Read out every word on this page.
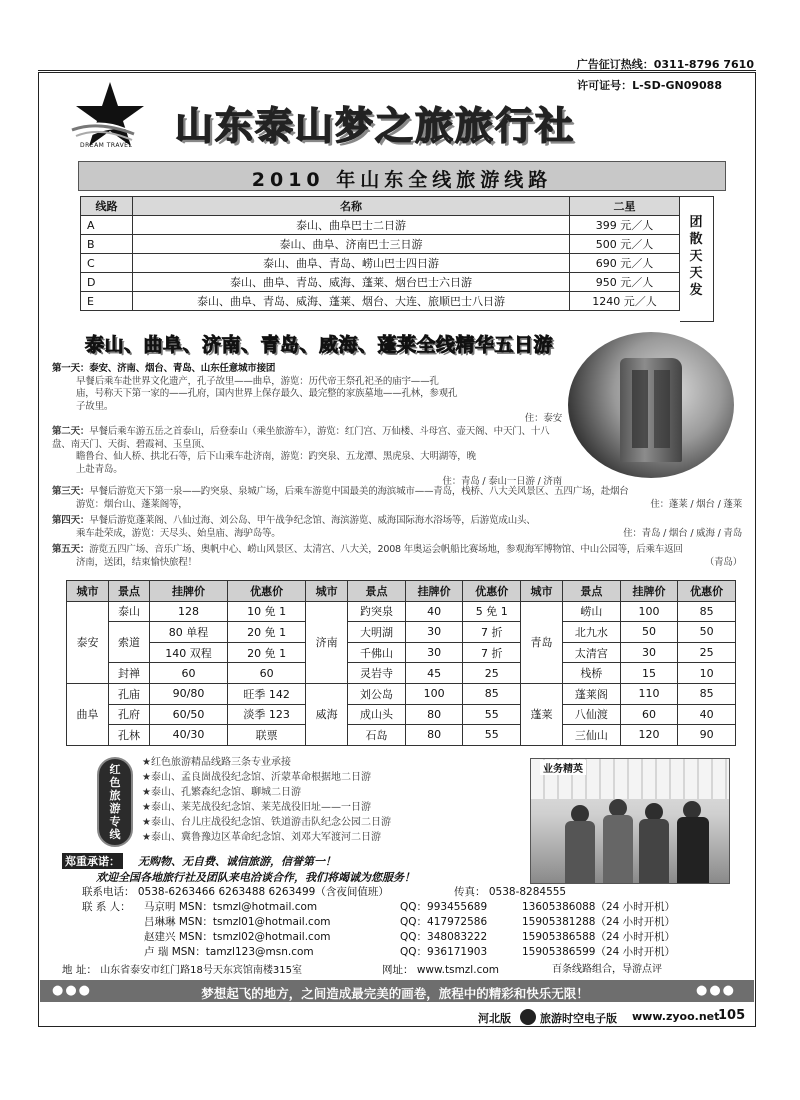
广告征订热线：0311-8796 7610
许可证号：L-SD-GN09088
DREAM TRAVEL 山东泰山梦之旅旅行社
2010 年山东全线旅游线路
线路	名称	二星
A	泰山、曲阜巴士二日游	399 元／人
B	泰山、曲阜、济南巴士三日游	500 元／人
C	泰山、曲阜、青岛、崂山巴士四日游	690 元／人
D	泰山、曲阜、青岛、威海、蓬莱、烟台巴士六日游	950 元／人
E	泰山、曲阜、青岛、威海、蓬莱、烟台、大连、旅顺巴士八日游	1240 元／人
团散天天发
泰山、曲阜、济南、青岛、威海、蓬莱全线精华五日游
第一天：泰安、济南、烟台、青岛、山东任意城市接团
早餐后乘车赴世界文化遗产，孔子故里——曲阜，游览：历代帝王祭孔祀圣的庙宇——孔
庙，号称天下第一家的——孔府，国内世界上保存最久、最完整的家族墓地——孔林，参观孔
子故里。
住：泰安
第二天：早餐后乘车游五岳之首泰山，后登泰山（乘坐旅游车），游览：红门宫、万仙楼、斗母宫、壶天阁、中天门、十八盘、南天门、天街、碧霞祠、玉皇顶、
瞻鲁台、仙人桥、拱北石等，后下山乘车赴济南，游览：趵突泉、五龙潭、黑虎泉、大明湖等，晚
上赴青岛。
住：青岛 / 泰山一日游 / 济南
第三天：早餐后游览天下第一泉——趵突泉、泉城广场，后乘车游览中国最美的海滨城市——青岛，栈桥、八大关风景区、五四广场，赴烟台
游览：烟台山、蓬莱阁等，	住：蓬莱 / 烟台 / 蓬莱
第四天：早餐后游览蓬莱阁、八仙过海、刘公岛、甲午战争纪念馆、海滨游览、威海国际海水浴场等，后游览成山头、
乘车赴荣成，游览：天尽头、始皇庙、海驴岛等。	住：青岛 / 烟台 / 威海 / 青岛
第五天：游览五四广场、音乐广场、奥帆中心、崂山风景区、太清宫、八大关，2008 年奥运会帆船比赛场地，参观海军博物馆、中山公园等，后乘车返回
济南，送团，结束愉快旅程！	（青岛）
城市	景点	挂牌价	优惠价	城市	景点	挂牌价	优惠价	城市	景点	挂牌价	优惠价
泰安	泰山	128	10 免 1	济南	趵突泉	40	5 免 1	青岛	崂山	100	85
	索道	80 单程	20 免 1		大明湖	30	7 折		北九水	50	50
		140 双程	20 免 1		千佛山	30	7 折		太清宫	30	25
	封禅	60	60		灵岩寺	45	25		栈桥	15	10
曲阜	孔庙	90/80	旺季 142	威海	刘公岛	100	85	蓬莱	蓬莱阁	110	85
	孔府	60/50	淡季 123		成山头	80	55		八仙渡	60	40
	孔林	40/30	联票		石岛	80	55		三仙山	120	90
红色旅游专线
★红色旅游精品线路三条专业承接
★泰山、孟良崮战役纪念馆、沂蒙革命根据地二日游
★泰山、孔繁森纪念馆、聊城二日游
★泰山、莱芜战役纪念馆、莱芜战役旧址——一日游
★泰山、台儿庄战役纪念馆、铁道游击队纪念公园二日游
★泰山、冀鲁豫边区革命纪念馆、刘邓大军渡河二日游
业务精英
郑重承诺： 无购物、无自费、诚信旅游，信誉第一！
欢迎全国各地旅行社及团队来电洽谈合作，我们将竭诚为您服务！
联系电话： 0538-6263466 6263488 6263499（含夜间值班）	传真： 0538-8284555
联 系 人： 马京明 MSN：tsmzl@hotmail.com	QQ：993455689	13605386088（24 小时开机）
吕琳琳 MSN：tsmzl01@hotmail.com	QQ：417972586	15905381288（24 小时开机）
赵建兴 MSN：tsmzl02@hotmail.com	QQ：348083222	15905386588（24 小时开机）
卢 瑞 MSN：tamzl123@msn.com	QQ：936171903	15905386599（24 小时开机）
地 址： 山东省泰安市红门路18号天东宾馆南楼315室	网址： www.tsmzl.com	百条线路组合，导游点评
●●●	梦想起飞的地方，之间造成最完美的画卷，旅程中的精彩和快乐无限！	●●●
河北版	旅游时空电子版 www.zyoo.net
105
